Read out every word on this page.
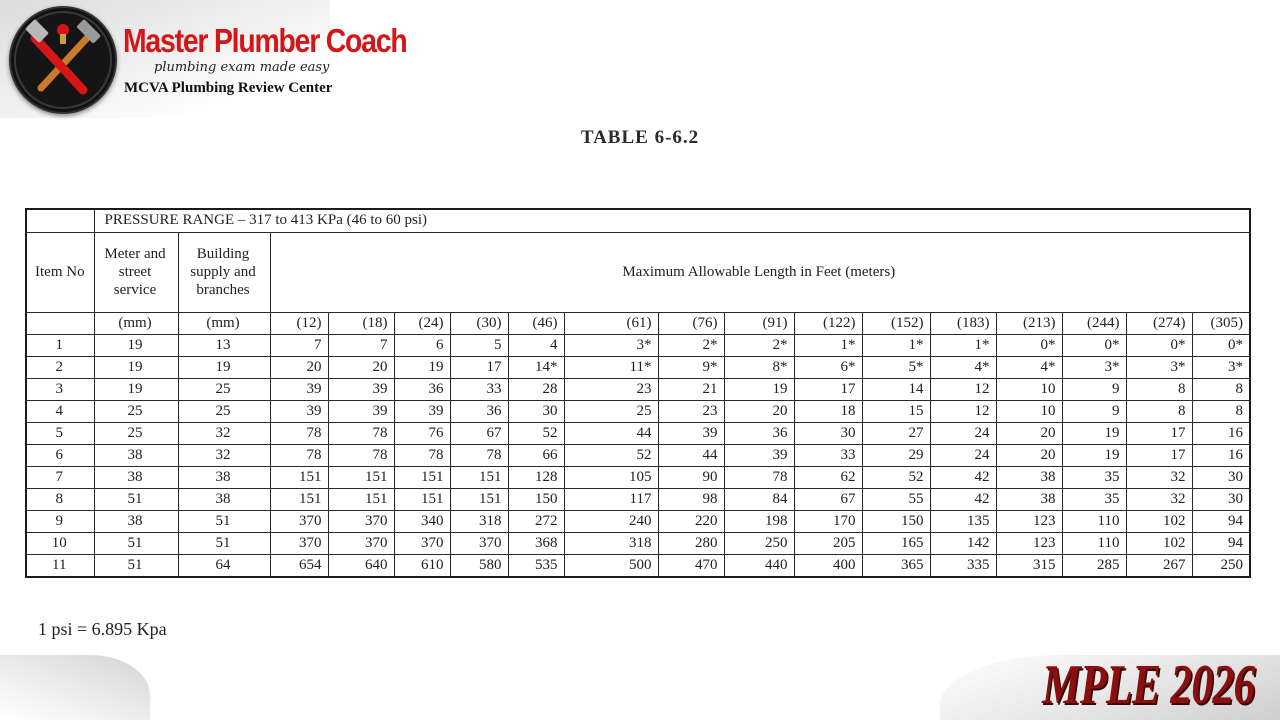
Master Plumber Coach
plumbing exam made easy
MCVA Plumbing Review Center
TABLE 6-6.2
	PRESSURE RANGE – 317 to 413 KPa (46 to 60 psi)																
Item No	Meter and street service	Building supply and branches	Maximum Allowable Length in Feet (meters)														
	(mm)	(mm)	(12)	(18)	(24)	(30)	(46)	(61)	(76)	(91)	(122)	(152)	(183)	(213)	(244)	(274)	(305)
1	19	13	7	7	6	5	4	3*	2*	2*	1*	1*	1*	0*	0*	0*	0*
2	19	19	20	20	19	17	14*	11*	9*	8*	6*	5*	4*	4*	3*	3*	3*
3	19	25	39	39	36	33	28	23	21	19	17	14	12	10	9	8	8
4	25	25	39	39	39	36	30	25	23	20	18	15	12	10	9	8	8
5	25	32	78	78	76	67	52	44	39	36	30	27	24	20	19	17	16
6	38	32	78	78	78	78	66	52	44	39	33	29	24	20	19	17	16
7	38	38	151	151	151	151	128	105	90	78	62	52	42	38	35	32	30
8	51	38	151	151	151	151	150	117	98	84	67	55	42	38	35	32	30
9	38	51	370	370	340	318	272	240	220	198	170	150	135	123	110	102	94
10	51	51	370	370	370	370	368	318	280	250	205	165	142	123	110	102	94
11	51	64	654	640	610	580	535	500	470	440	400	365	335	315	285	267	250
1 psi = 6.895 Kpa
MPLE 2026
